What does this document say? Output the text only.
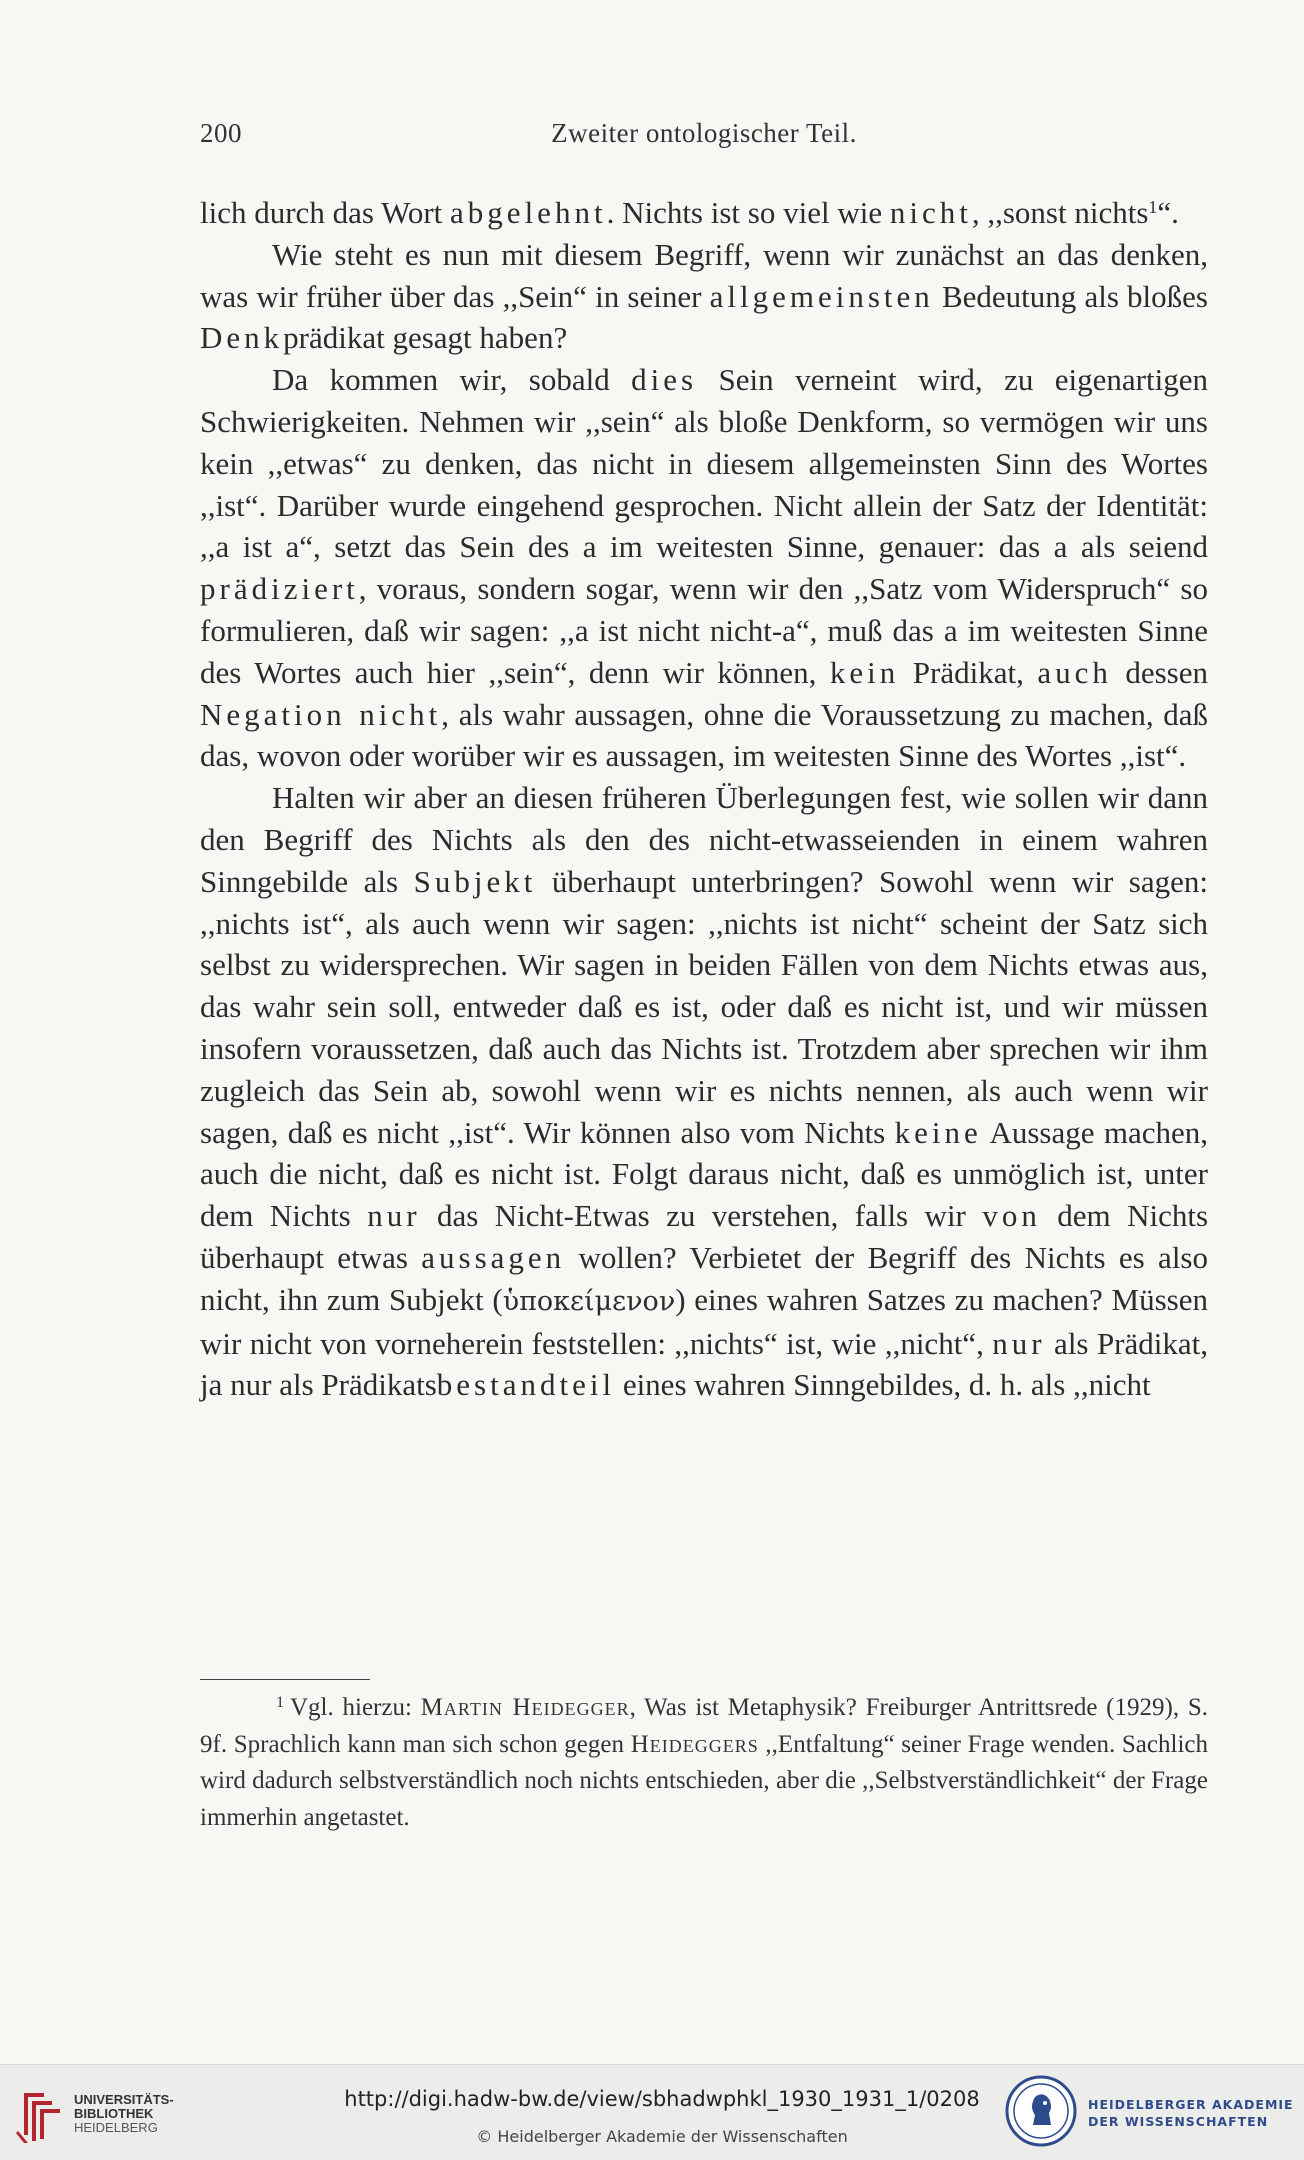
200	Zweiter ontologischer Teil.

lich durch das Wort abgelehnt. Nichts ist so viel wie nicht, ,,sonst nichts$^1$“.

Wie steht es nun mit diesem Begriff, wenn wir zunächst an das denken, was wir früher über das ,,Sein“ in seiner allgemeinsten Bedeutung als bloßes Denkprädikat gesagt haben?

Da kommen wir, sobald dies Sein verneint wird, zu eigenartigen Schwierigkeiten. Nehmen wir ,,sein“ als bloße Denkform, so vermögen wir uns kein ,,etwas“ zu denken, das nicht in diesem allgemeinsten Sinn des Wortes ,,ist“. Darüber wurde eingehend gesprochen. Nicht allein der Satz der Identität: ,,a ist a“, setzt das Sein des a im weitesten Sinne, genauer: das a als seiend prädiziert, voraus, sondern sogar, wenn wir den ,,Satz vom Widerspruch“ so formulieren, daß wir sagen: ,,a ist nicht nicht-a“, muß das a im weitesten Sinne des Wortes auch hier ,,sein“, denn wir können, kein Prädikat, auch dessen Negation nicht, als wahr aussagen, ohne die Voraussetzung zu machen, daß das, wovon oder worüber wir es aussagen, im weitesten Sinne des Wortes ,,ist“.

Halten wir aber an diesen früheren Überlegungen fest, wie sollen wir dann den Begriff des Nichts als den des nicht-etwasseienden in einem wahren Sinngebilde als Subjekt überhaupt unterbringen? Sowohl wenn wir sagen: ,,nichts ist“, als auch wenn wir sagen: ,,nichts ist nicht“ scheint der Satz sich selbst zu widersprechen. Wir sagen in beiden Fällen von dem Nichts etwas aus, das wahr sein soll, entweder daß es ist, oder daß es nicht ist, und wir müssen insofern voraussetzen, daß auch das Nichts ist. Trotzdem aber sprechen wir ihm zugleich das Sein ab, sowohl wenn wir es nichts nennen, als auch wenn wir sagen, daß es nicht ,,ist“. Wir können also vom Nichts keine Aussage machen, auch die nicht, daß es nicht ist. Folgt daraus nicht, daß es unmöglich ist, unter dem Nichts nur das Nicht-Etwas zu verstehen, falls wir von dem Nichts überhaupt etwas aussagen wollen? Verbietet der Begriff des Nichts es also nicht, ihn zum Subjekt (ὑποκείμενον) eines wahren Satzes zu machen? Müssen wir nicht von vorneherein feststellen: ,,nichts“ ist, wie ,,nicht“, nur als Prädikat, ja nur als Prädikatsbestandteil eines wahren Sinngebildes, d. h. als ,,nicht

$^1$ Vgl. hierzu: Martin Heidegger, Was ist Metaphysik? Freiburger Antrittsrede (1929), S. 9f. Sprachlich kann man sich schon gegen Heideggers ,,Entfaltung“ seiner Frage wenden. Sachlich wird dadurch selbstverständlich noch nichts entschieden, aber die ,,Selbstverständlichkeit“ der Frage immerhin angetastet.

UNIVERSITÄTS-
BIBLIOTHEK
HEIDELBERG
http://digi.hadw-bw.de/view/sbhadwphkl_1930_1931_1/0208
© Heidelberger Akademie der Wissenschaften
HEIDELBERGER AKADEMIE
DER WISSENSCHAFTEN
